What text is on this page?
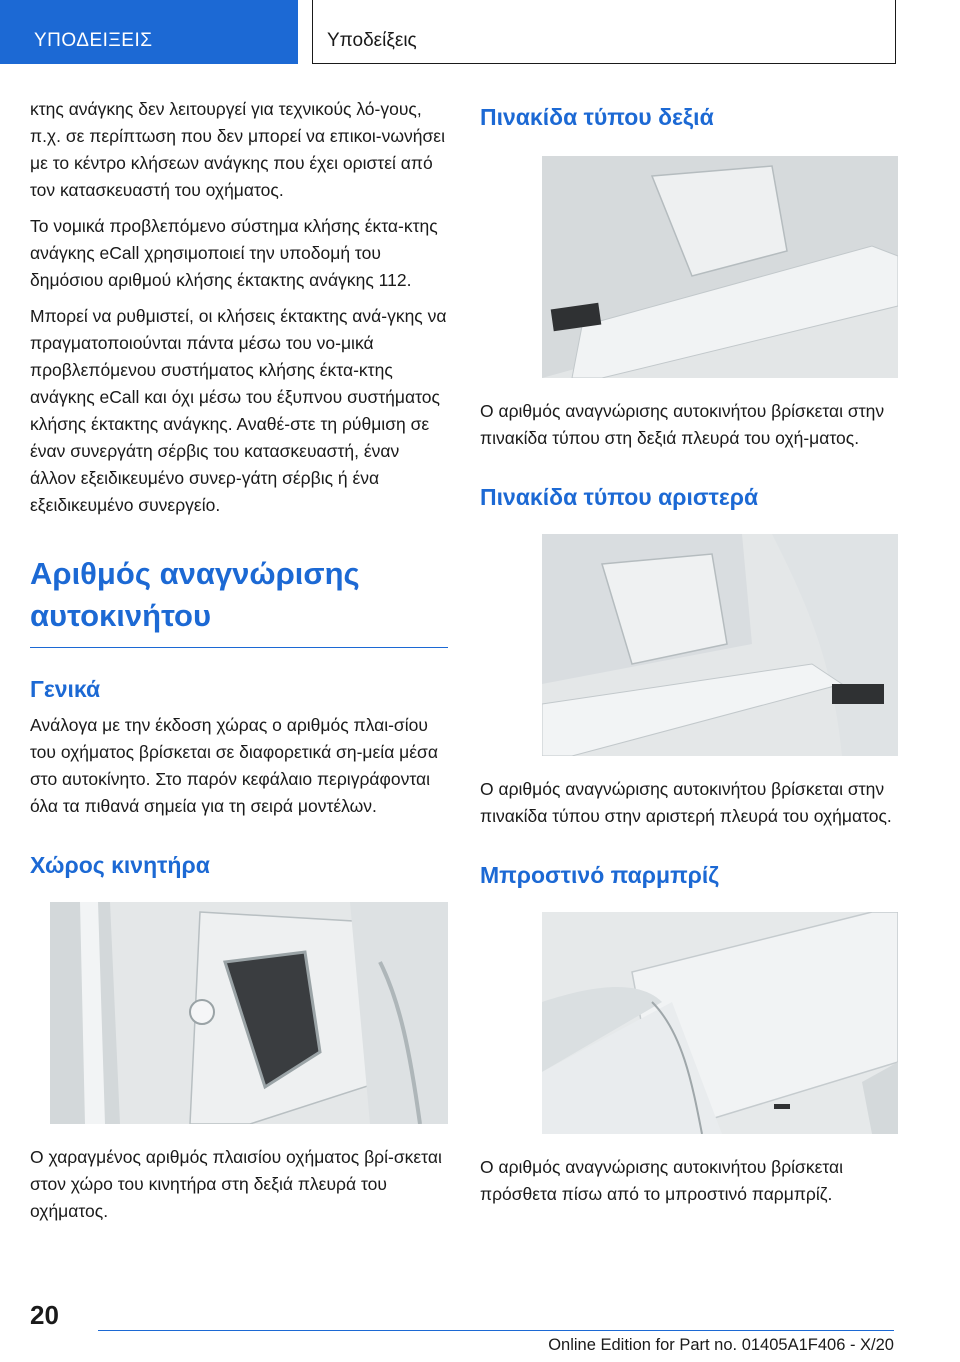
ΥΠΟΔΕΙΞΕΙΣ	Υποδείξεις

κτης ανάγκης δεν λειτουργεί για τεχνικούς λό-γους, π.χ. σε περίπτωση που δεν μπορεί να επικοι-νωνήσει με το κέντρο κλήσεων ανάγκης που έχει οριστεί από τον κατασκευαστή του οχήματος.

Το νομικά προβλεπόμενο σύστημα κλήσης έκτα-κτης ανάγκης eCall χρησιμοποιεί την υποδομή του δημόσιου αριθμού κλήσης έκτακτης ανάγκης 112.

Μπορεί να ρυθμιστεί, οι κλήσεις έκτακτης ανά-γκης να πραγματοποιούνται πάντα μέσω του νο-μικά προβλεπόμενου συστήματος κλήσης έκτα-κτης ανάγκης eCall και όχι μέσω του έξυπνου συστήματος κλήσης έκτακτης ανάγκης. Αναθέ-στε τη ρύθμιση σε έναν συνεργάτη σέρβις του κατασκευαστή, έναν άλλον εξειδικευμένο συνερ-γάτη σέρβις ή ένα εξειδικευμένο συνεργείο.

Αριθμός αναγνώρισης αυτοκινήτου
Γενικά

Ανάλογα με την έκδοση χώρας ο αριθμός πλαι-σίου του οχήματος βρίσκεται σε διαφορετικά ση-μεία μέσα στο αυτοκίνητο. Στο παρόν κεφάλαιο περιγράφονται όλα τα πιθανά σημεία για τη σειρά μοντέλων.

Χώρος κινητήρα

Ο χαραγμένος αριθμός πλαισίου οχήματος βρί-σκεται στον χώρο του κινητήρα στη δεξιά πλευρά του οχήματος.

Πινακίδα τύπου δεξιά

Ο αριθμός αναγνώρισης αυτοκινήτου βρίσκεται στην πινακίδα τύπου στη δεξιά πλευρά του οχή-ματος.

Πινακίδα τύπου αριστερά

Ο αριθμός αναγνώρισης αυτοκινήτου βρίσκεται στην πινακίδα τύπου στην αριστερή πλευρά του οχήματος.

Μπροστινό παρμπρίζ

Ο αριθμός αναγνώρισης αυτοκινήτου βρίσκεται πρόσθετα πίσω από το μπροστινό παρμπρίζ.

20
Online Edition for Part no. 01405A1F406 - X/20
